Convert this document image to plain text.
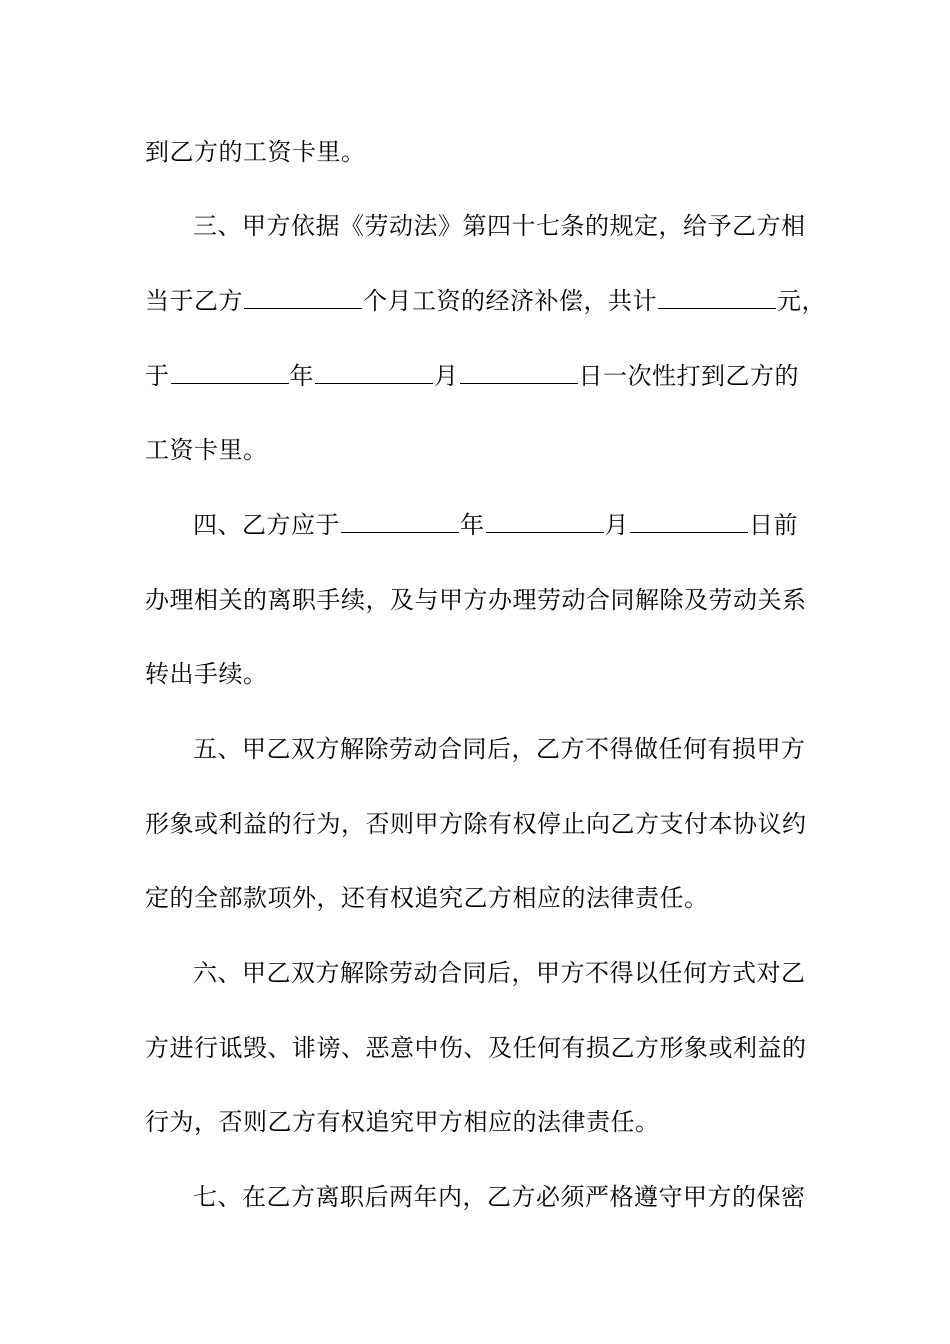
到乙方的工资卡里。
三、甲方依据《劳动法》第四十七条的规定，给予乙方相
当于乙方	个月工资的经济补偿，共计	元，
于	年	月	日一次性打到乙方的
工资卡里。
四、乙方应于	年	月	日前
办理相关的离职手续，及与甲方办理劳动合同解除及劳动关系
转出手续。
五、甲乙双方解除劳动合同后，乙方不得做任何有损甲方
形象或利益的行为，否则甲方除有权停止向乙方支付本协议约
定的全部款项外，还有权追究乙方相应的法律责任。
六、甲乙双方解除劳动合同后，甲方不得以任何方式对乙
方进行诋毁、诽谤、恶意中伤、及任何有损乙方形象或利益的
行为，否则乙方有权追究甲方相应的法律责任。
七、在乙方离职后两年内，乙方必须严格遵守甲方的保密
